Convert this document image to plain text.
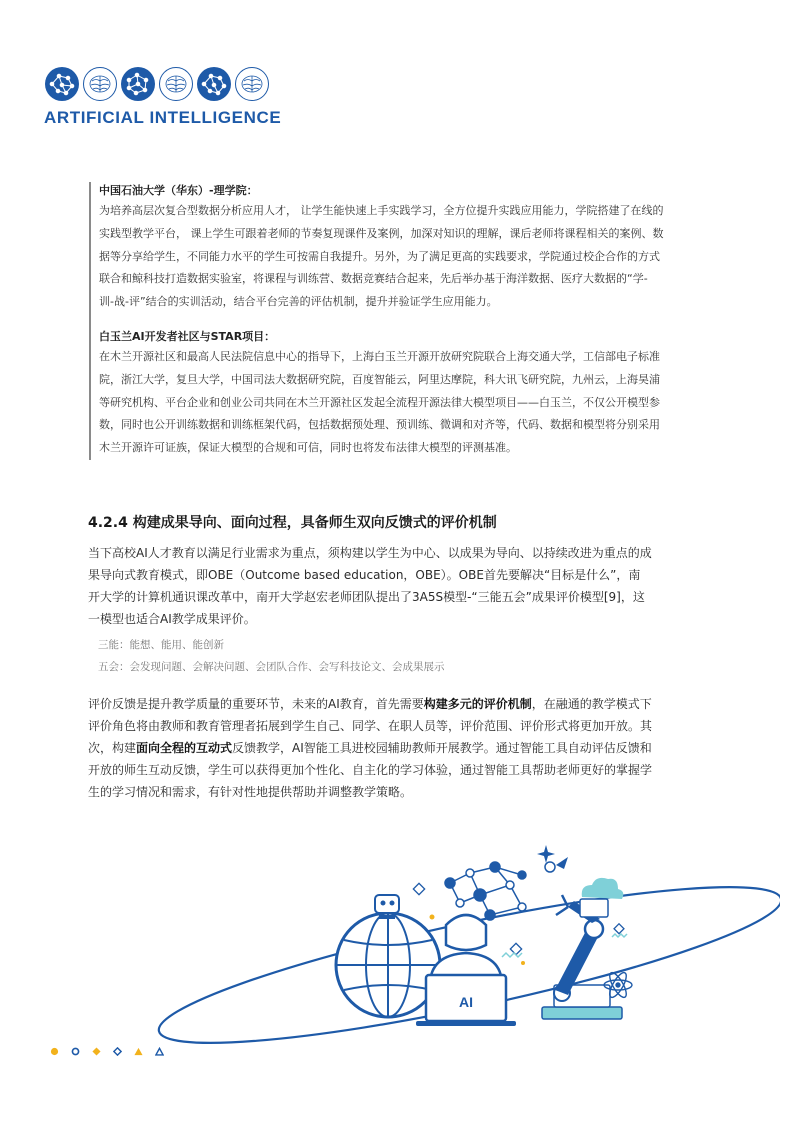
ARTIFICIAL INTELLIGENCE

中国石油大学（华东）-理学院：

为培养高层次复合型数据分析应用人才， 让学生能快速上手实践学习，全方位提升实践应用能力，学院搭建了在线的

实践型教学平台， 课上学生可跟着老师的节奏复现课件及案例，加深对知识的理解，课后老师将课程相关的案例、数

据等分享给学生，不同能力水平的学生可按需自我提升。另外，为了满足更高的实践要求，学院通过校企合作的方式

联合和鲸科技打造数据实验室，将课程与训练营、数据竞赛结合起来，先后举办基于海洋数据、医疗大数据的“学-

训-战-评”结合的实训活动，结合平台完善的评估机制，提升并验证学生应用能力。

白玉兰AI开发者社区与STAR项目：

在木兰开源社区和最高人民法院信息中心的指导下，上海白玉兰开源开放研究院联合上海交通大学，工信部电子标准

院，浙江大学，复旦大学，中国司法大数据研究院，百度智能云，阿里达摩院，科大讯飞研究院，九州云，上海昊浦

等研究机构、平台企业和创业公司共同在木兰开源社区发起全流程开源法律大模型项目——白玉兰，不仅公开模型参

数，同时也公开训练数据和训练框架代码，包括数据预处理、预训练、微调和对齐等，代码、数据和模型将分别采用

木兰开源许可证族，保证大模型的合规和可信，同时也将发布法律大模型的评测基准。

4.2.4 构建成果导向、面向过程，具备师生双向反馈式的评价机制

当下高校AI人才教育以满足行业需求为重点，须构建以学生为中心、以成果为导向、以持续改进为重点的成

果导向式教育模式，即OBE（Outcome based education，OBE）。OBE首先要解决“目标是什么”，南

开大学的计算机通识课改革中，南开大学赵宏老师团队提出了3A5S模型-“三能五会”成果评价模型[9]，这

一模型也适合AI教学成果评价。

三能：能想、能用、能创新
五会：会发现问题、会解决问题、会团队合作、会写科技论文、会成果展示

评价反馈是提升教学质量的重要环节，未来的AI教育，首先需要构建多元的评价机制，在融通的教学模式下

评价角色将由教师和教育管理者拓展到学生自己、同学、在职人员等，评价范围、评价形式将更加开放。其

次，构建面向全程的互动式反馈教学，AI智能工具进校园辅助教师开展教学。通过智能工具自动评估反馈和

开放的师生互动反馈，学生可以获得更加个性化、自主化的学习体验，通过智能工具帮助老师更好的掌握学

生的学习情况和需求，有针对性地提供帮助并调整教学策略。

AI
